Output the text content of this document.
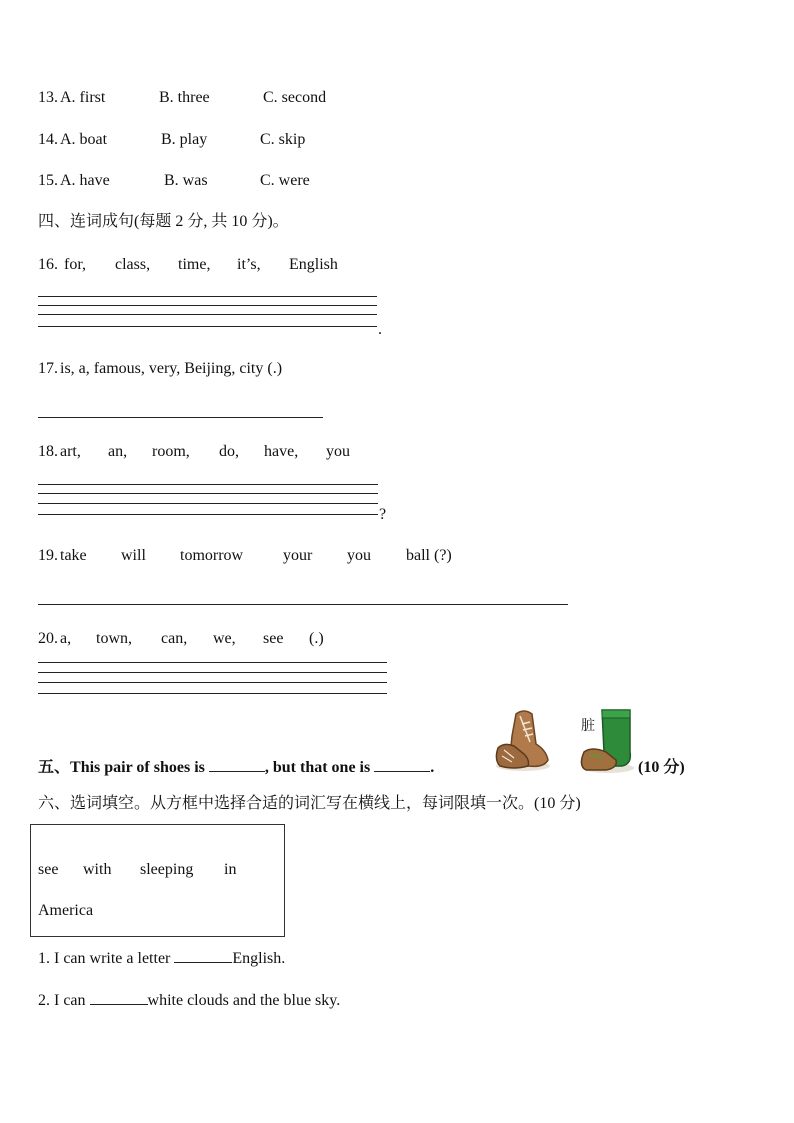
13. A. first	B. three	C. second
14. A. boat	B. play	C. skip
15. A. have	B. was	C. were
四、连词成句(每题 2 分, 共 10 分)。
16. for, class, time, it’s, English
.
17. is, a, famous, very, Beijing, city (.)
18. art, an, room, do, have, you
?
19. take will tomorrow your you ball (?)
20. a, town, can, we, see (.)
五、This pair of shoes is	, but that one is	.
脏
(10 分)
六、选词填空。从方框中选择合适的词汇写在横线上，每词限填一次。(10 分)
see with sleeping in
America
1. I can write a letter	English.
2. I can	white clouds and the blue sky.
